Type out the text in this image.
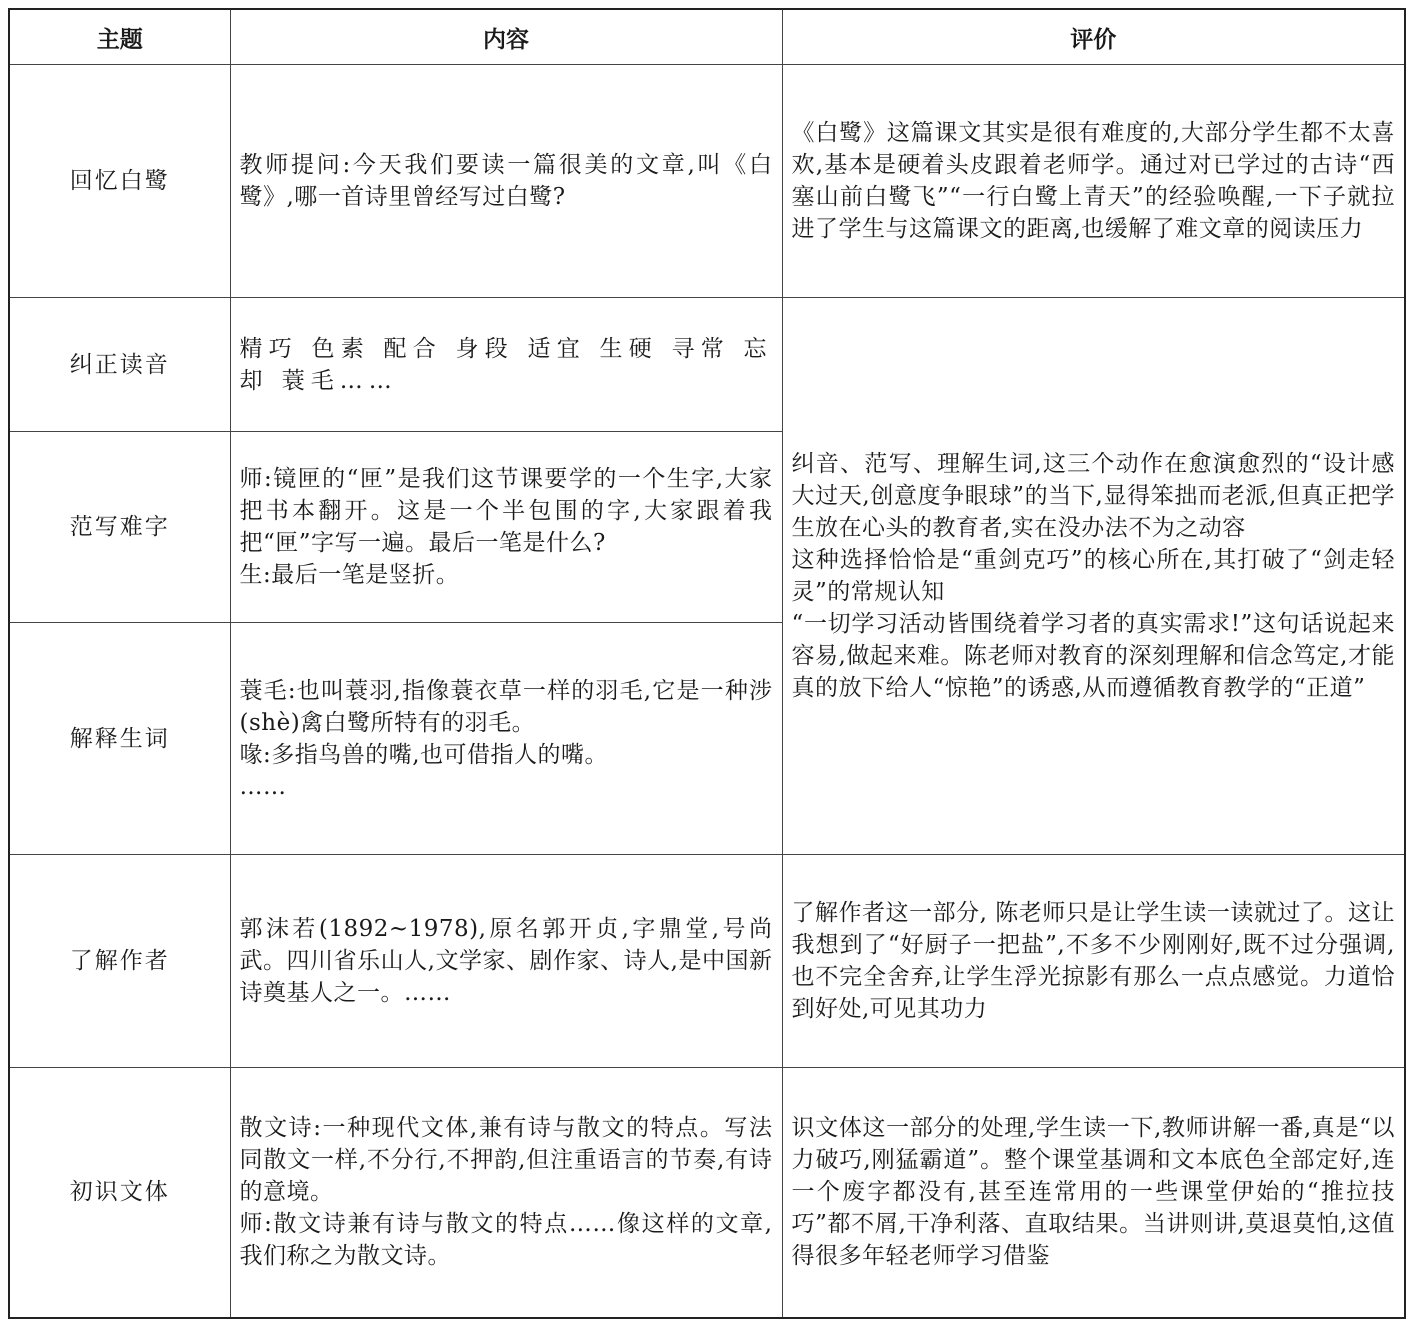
主题	内容	评价
回忆白鹭	教师提问:今天我们要读一篇很美的文章,叫《白鹭》,哪一首诗里曾经写过白鹭?	《白鹭》这篇课文其实是很有难度的,大部分学生都不太喜欢,基本是硬着头皮跟着老师学。通过对已学过的古诗“西塞山前白鹭飞”“一行白鹭上青天”的经验唤醒,一下子就拉进了学生与这篇课文的距离,也缓解了难文章的阅读压力

纠正读音	精巧 色素 配合 身段 适宜 生硬 寻常 忘却 蓑毛……	纠音、范写、理解生词,这三个动作在愈演愈烈的“设计感大过天,创意度争眼球”的当下,显得笨拙而老派,但真正把学生放在心头的教育者,实在没办法不为之动容
这种选择恰恰是“重剑克巧”的核心所在,其打破了“剑走轻灵”的常规认知
“一切学习活动皆围绕着学习者的真实需求!”这句话说起来容易,做起来难。陈老师对教育的深刻理解和信念笃定,才能真的放下给人“惊艳”的诱惑,从而遵循教育教学的“正道”

范写难字	师:镜匣的“匣”是我们这节课要学的一个生字,大家把书本翻开。这是一个半包围的字,大家跟着我把“匣”字写一遍。最后一笔是什么?
生:最后一笔是竖折。	

解释生词	蓑毛:也叫蓑羽,指像蓑衣草一样的羽毛,它是一种涉(shè)禽白鹭所特有的羽毛。
喙:多指鸟兽的嘴,也可借指人的嘴。
……	

了解作者	郭沫若(1892~1978),原名郭开贞,字鼎堂,号尚武。四川省乐山人,文学家、剧作家、诗人,是中国新诗奠基人之一。……	了解作者这一部分, 陈老师只是让学生读一读就过了。这让我想到了“好厨子一把盐”,不多不少刚刚好,既不过分强调,也不完全舍弃,让学生浮光掠影有那么一点点感觉。力道恰到好处,可见其功力

初识文体	散文诗:一种现代文体,兼有诗与散文的特点。写法同散文一样,不分行,不押韵,但注重语言的节奏,有诗的意境。
师:散文诗兼有诗与散文的特点……像这样的文章,我们称之为散文诗。	识文体这一部分的处理,学生读一下,教师讲解一番,真是“以力破巧,刚猛霸道”。整个课堂基调和文本底色全部定好,连一个废字都没有,甚至连常用的一些课堂伊始的“推拉技巧”都不屑,干净利落、直取结果。当讲则讲,莫退莫怕,这值得很多年轻老师学习借鉴
